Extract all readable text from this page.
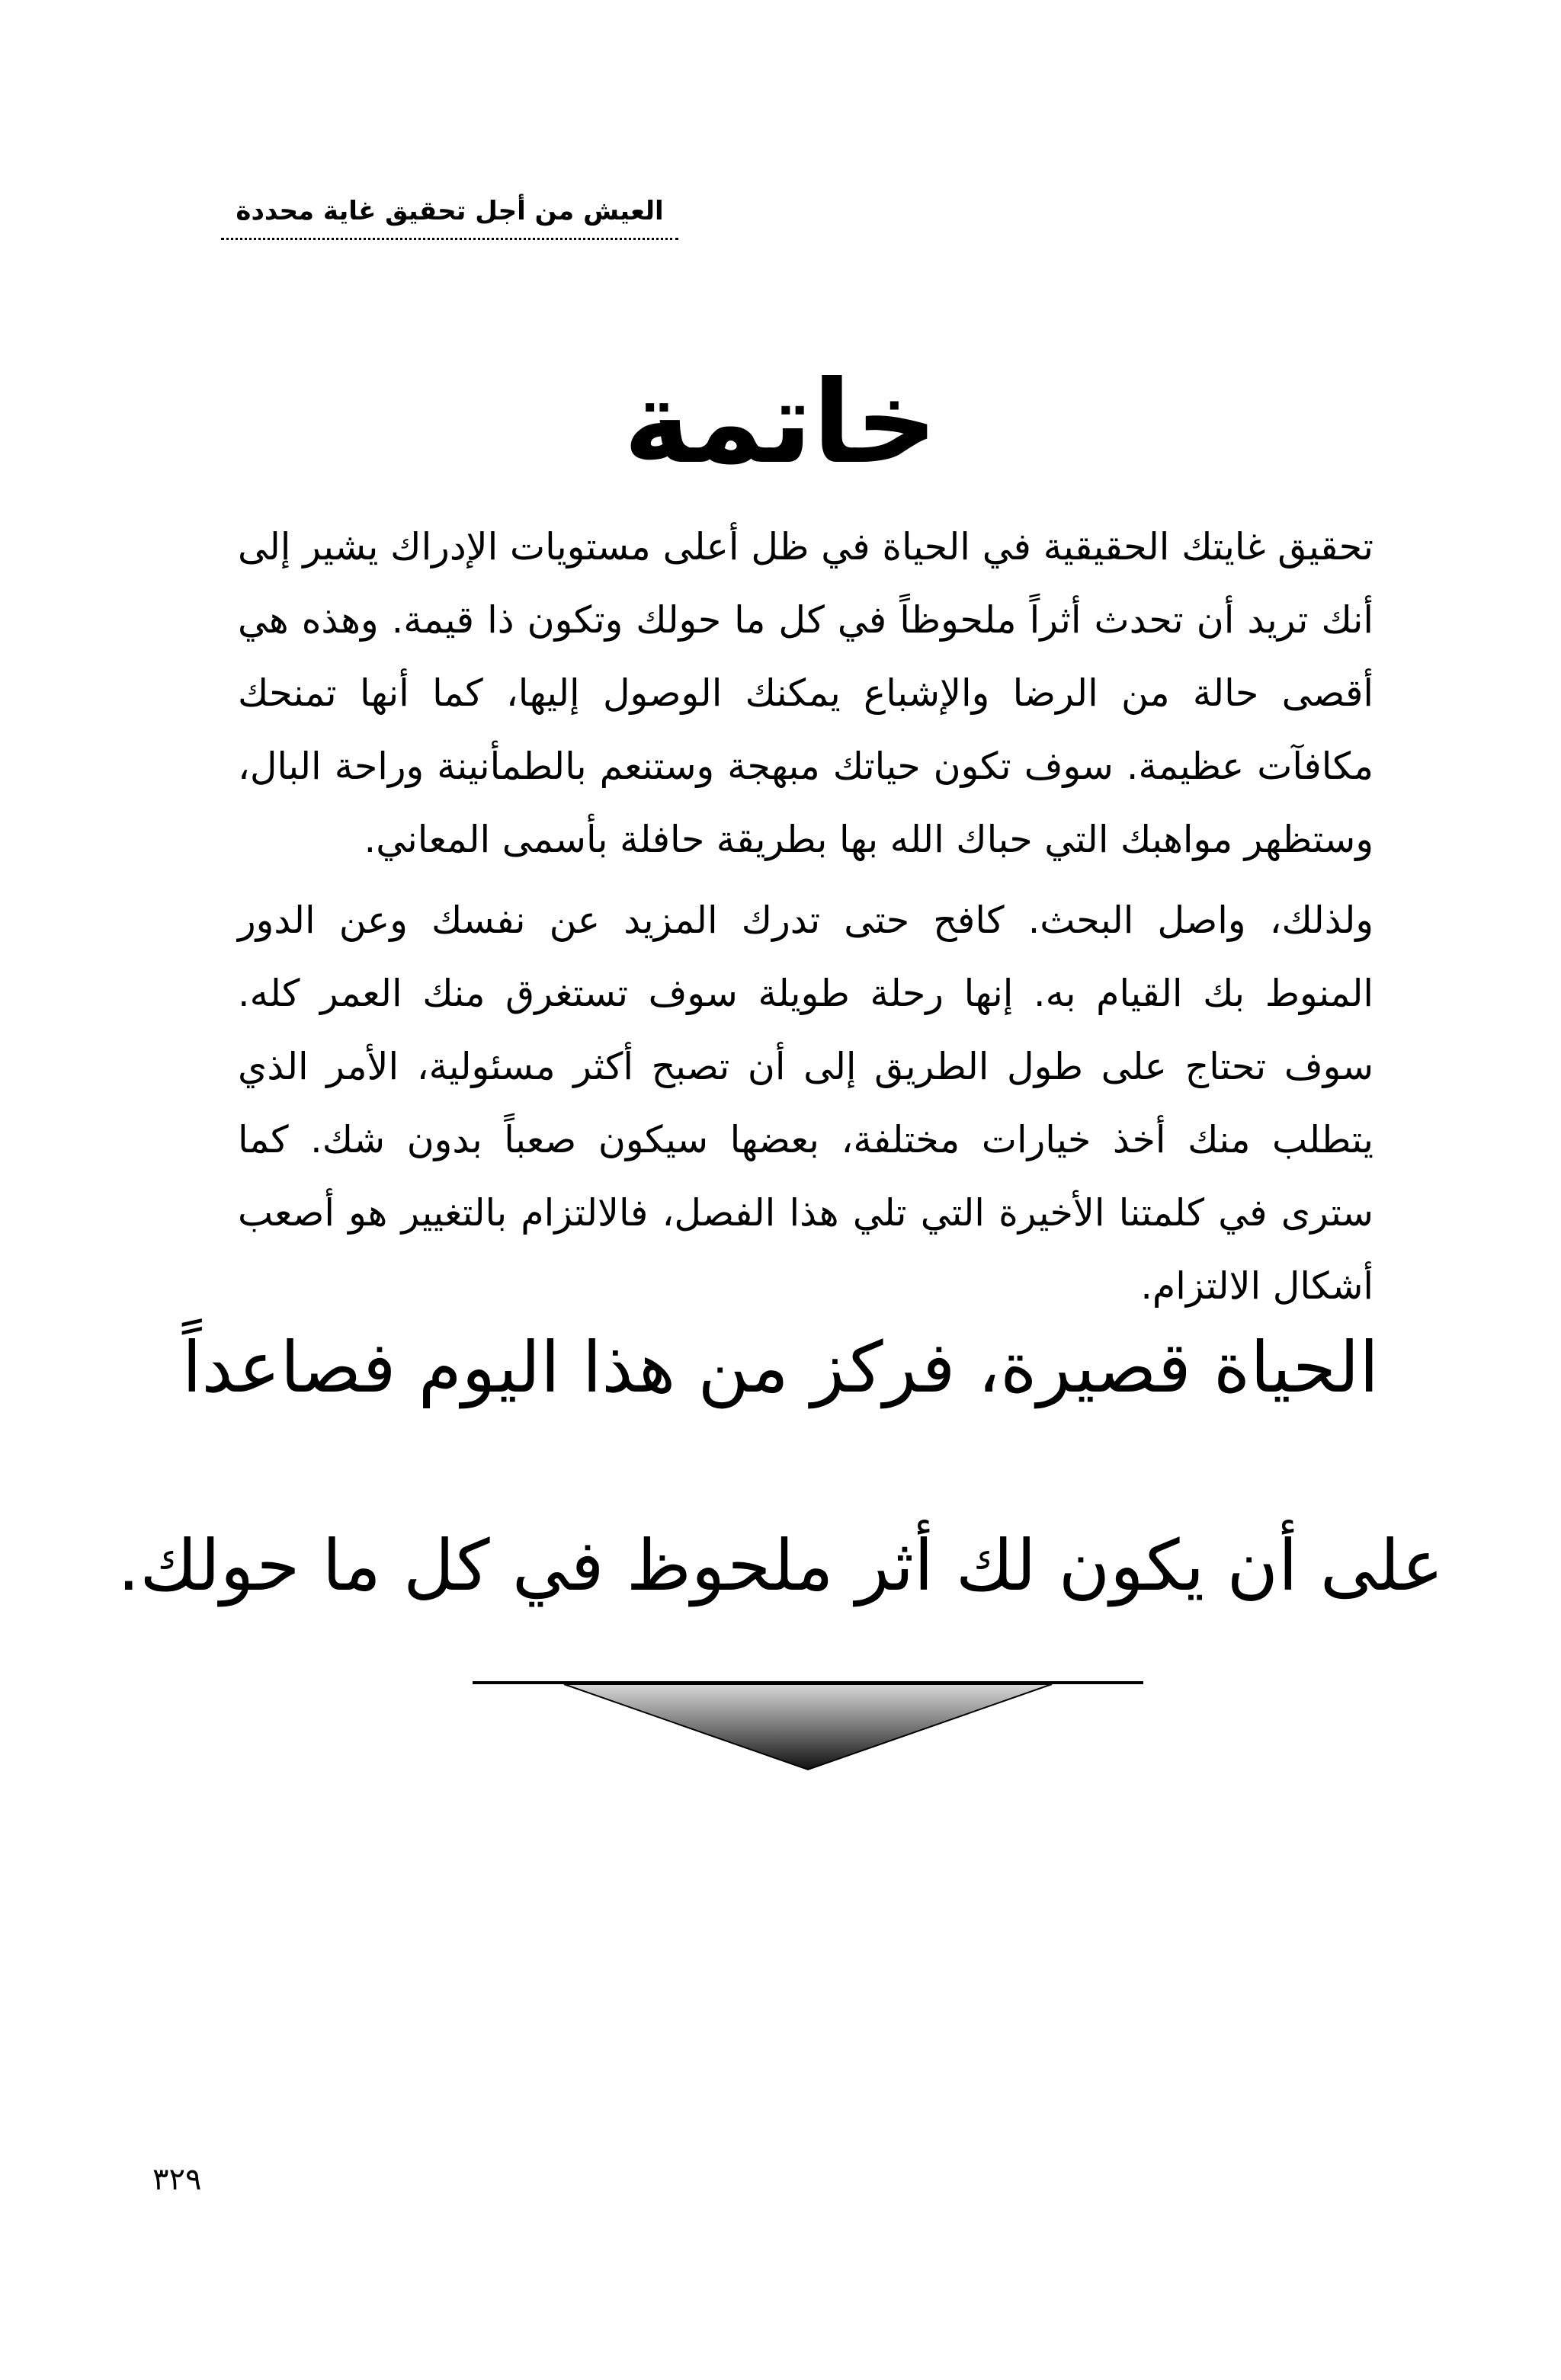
العيش من أجل تحقيق غاية محددة
خاتمة

تحقيق غايتك الحقيقية في الحياة في ظل أعلى مستويات الإدراك يشير إلى أنك تريد أن تحدث أثراً ملحوظاً في كل ما حولك وتكون ذا قيمة. وهذه هي أقصى حالة من الرضا والإشباع يمكنك الوصول إليها، كما أنها تمنحك مكافآت عظيمة. سوف تكون حياتك مبهجة وستنعم بالطمأنينة وراحة البال، وستظهر مواهبك التي حباك الله بها بطريقة حافلة بأسمى المعاني.

ولذلك، واصل البحث. كافح حتى تدرك المزيد عن نفسك وعن الدور المنوط بك القيام به. إنها رحلة طويلة سوف تستغرق منك العمر كله. سوف تحتاج على طول الطريق إلى أن تصبح أكثر مسئولية، الأمر الذي يتطلب منك أخذ خيارات مختلفة، بعضها سيكون صعباً بدون شك. كما سترى في كلمتنا الأخيرة التي تلي هذا الفصل، فالالتزام بالتغيير هو أصعب أشكال الالتزام.

الحياة قصيرة، فركز من هذا اليوم فصاعداً
على أن يكون لك أثر ملحوظ في كل ما حولك.
٣٢٩
